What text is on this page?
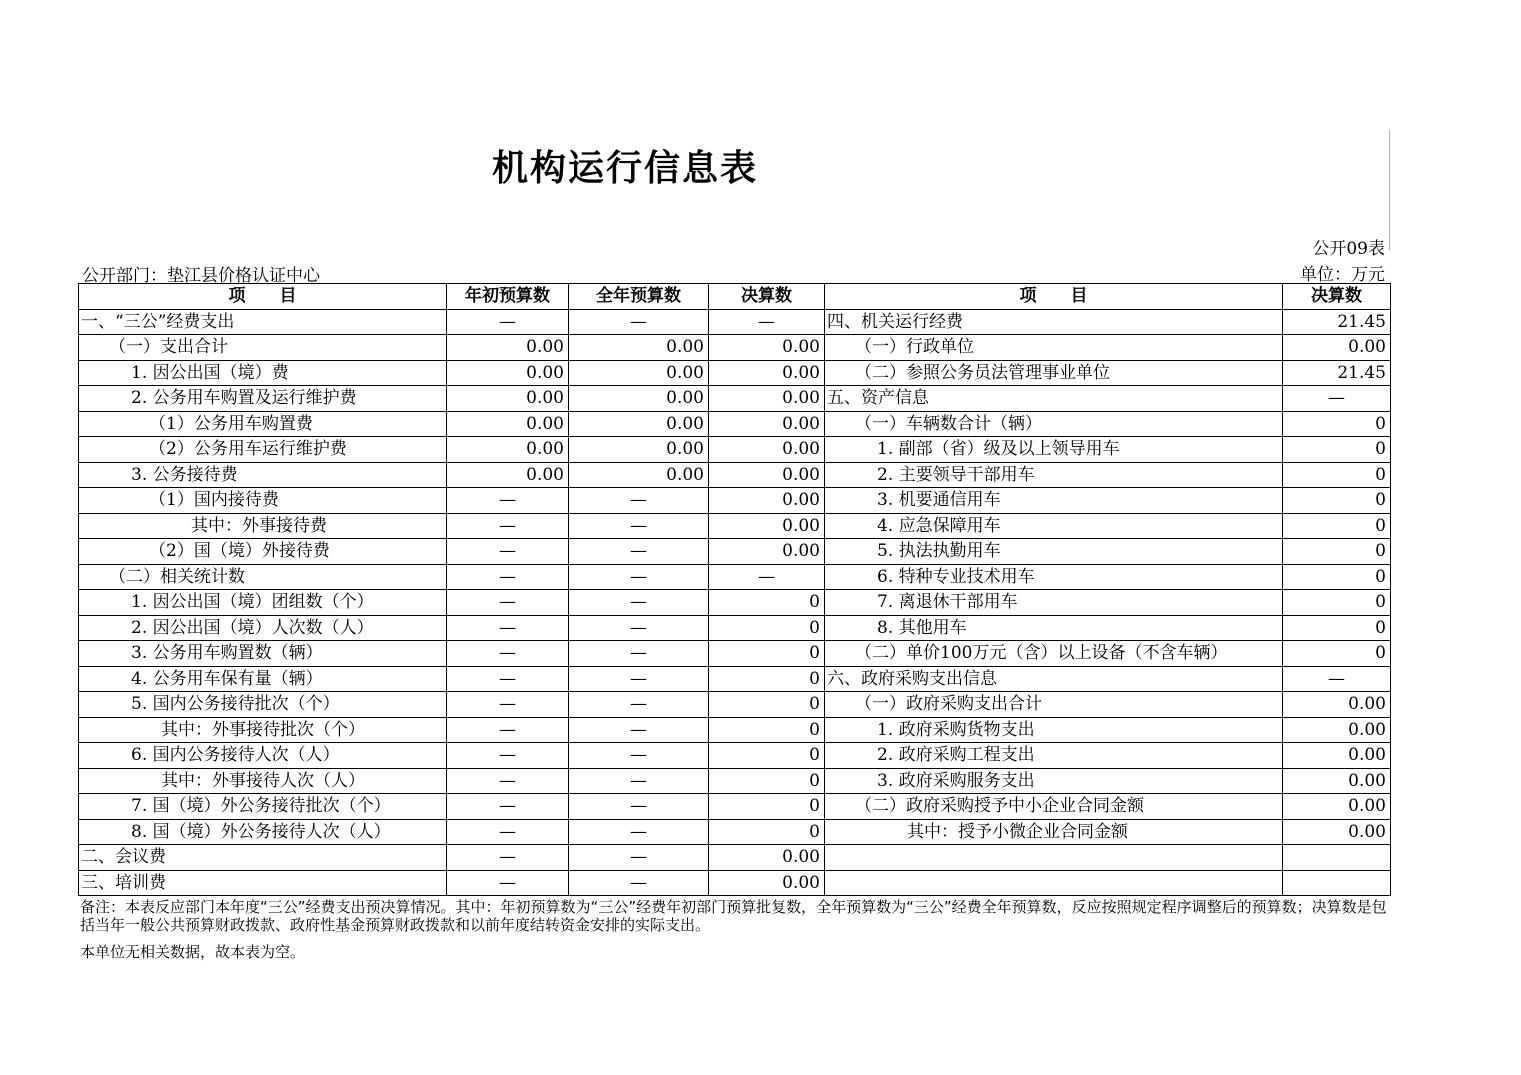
机构运行信息表
公开09表
单位：万元
公开部门：垫江县价格认证中心
项　　目	年初预算数	全年预算数	决算数	项　　目	决算数
一、“三公”经费支出	—	—	—	四、机关运行经费	21.45
（一）支出合计	0.00	0.00	0.00	（一）行政单位	0.00
1. 因公出国（境）费	0.00	0.00	0.00	（二）参照公务员法管理事业单位	21.45
2. 公务用车购置及运行维护费	0.00	0.00	0.00	五、资产信息	—
（1）公务用车购置费	0.00	0.00	0.00	（一）车辆数合计（辆）	0
（2）公务用车运行维护费	0.00	0.00	0.00	1. 副部（省）级及以上领导用车	0
3. 公务接待费	0.00	0.00	0.00	2. 主要领导干部用车	0
（1）国内接待费	—	—	0.00	3. 机要通信用车	0
其中：外事接待费	—	—	0.00	4. 应急保障用车	0
（2）国（境）外接待费	—	—	0.00	5. 执法执勤用车	0
（二）相关统计数	—	—	—	6. 特种专业技术用车	0
1. 因公出国（境）团组数（个）	—	—	0	7. 离退休干部用车	0
2. 因公出国（境）人次数（人）	—	—	0	8. 其他用车	0
3. 公务用车购置数（辆）	—	—	0	（二）单价100万元（含）以上设备（不含车辆）	0
4. 公务用车保有量（辆）	—	—	0	六、政府采购支出信息	—
5. 国内公务接待批次（个）	—	—	0	（一）政府采购支出合计	0.00
其中：外事接待批次（个）	—	—	0	1. 政府采购货物支出	0.00
6. 国内公务接待人次（人）	—	—	0	2. 政府采购工程支出	0.00
其中：外事接待人次（人）	—	—	0	3. 政府采购服务支出	0.00
7. 国（境）外公务接待批次（个）	—	—	0	（二）政府采购授予中小企业合同金额	0.00
8. 国（境）外公务接待人次（人）	—	—	0	其中：授予小微企业合同金额	0.00
二、会议费	—	—	0.00		
三、培训费	—	—	0.00		
备注：本表反应部门本年度“三公”经费支出预决算情况。其中：年初预算数为“三公”经费年初部门预算批复数，全年预算数为“三公”经费全年预算数，反应按照规定程序调整后的预算数；决算数是包括当年一般公共预算财政拨款、政府性基金预算财政拨款和以前年度结转资金安排的实际支出。
本单位无相关数据，故本表为空。
